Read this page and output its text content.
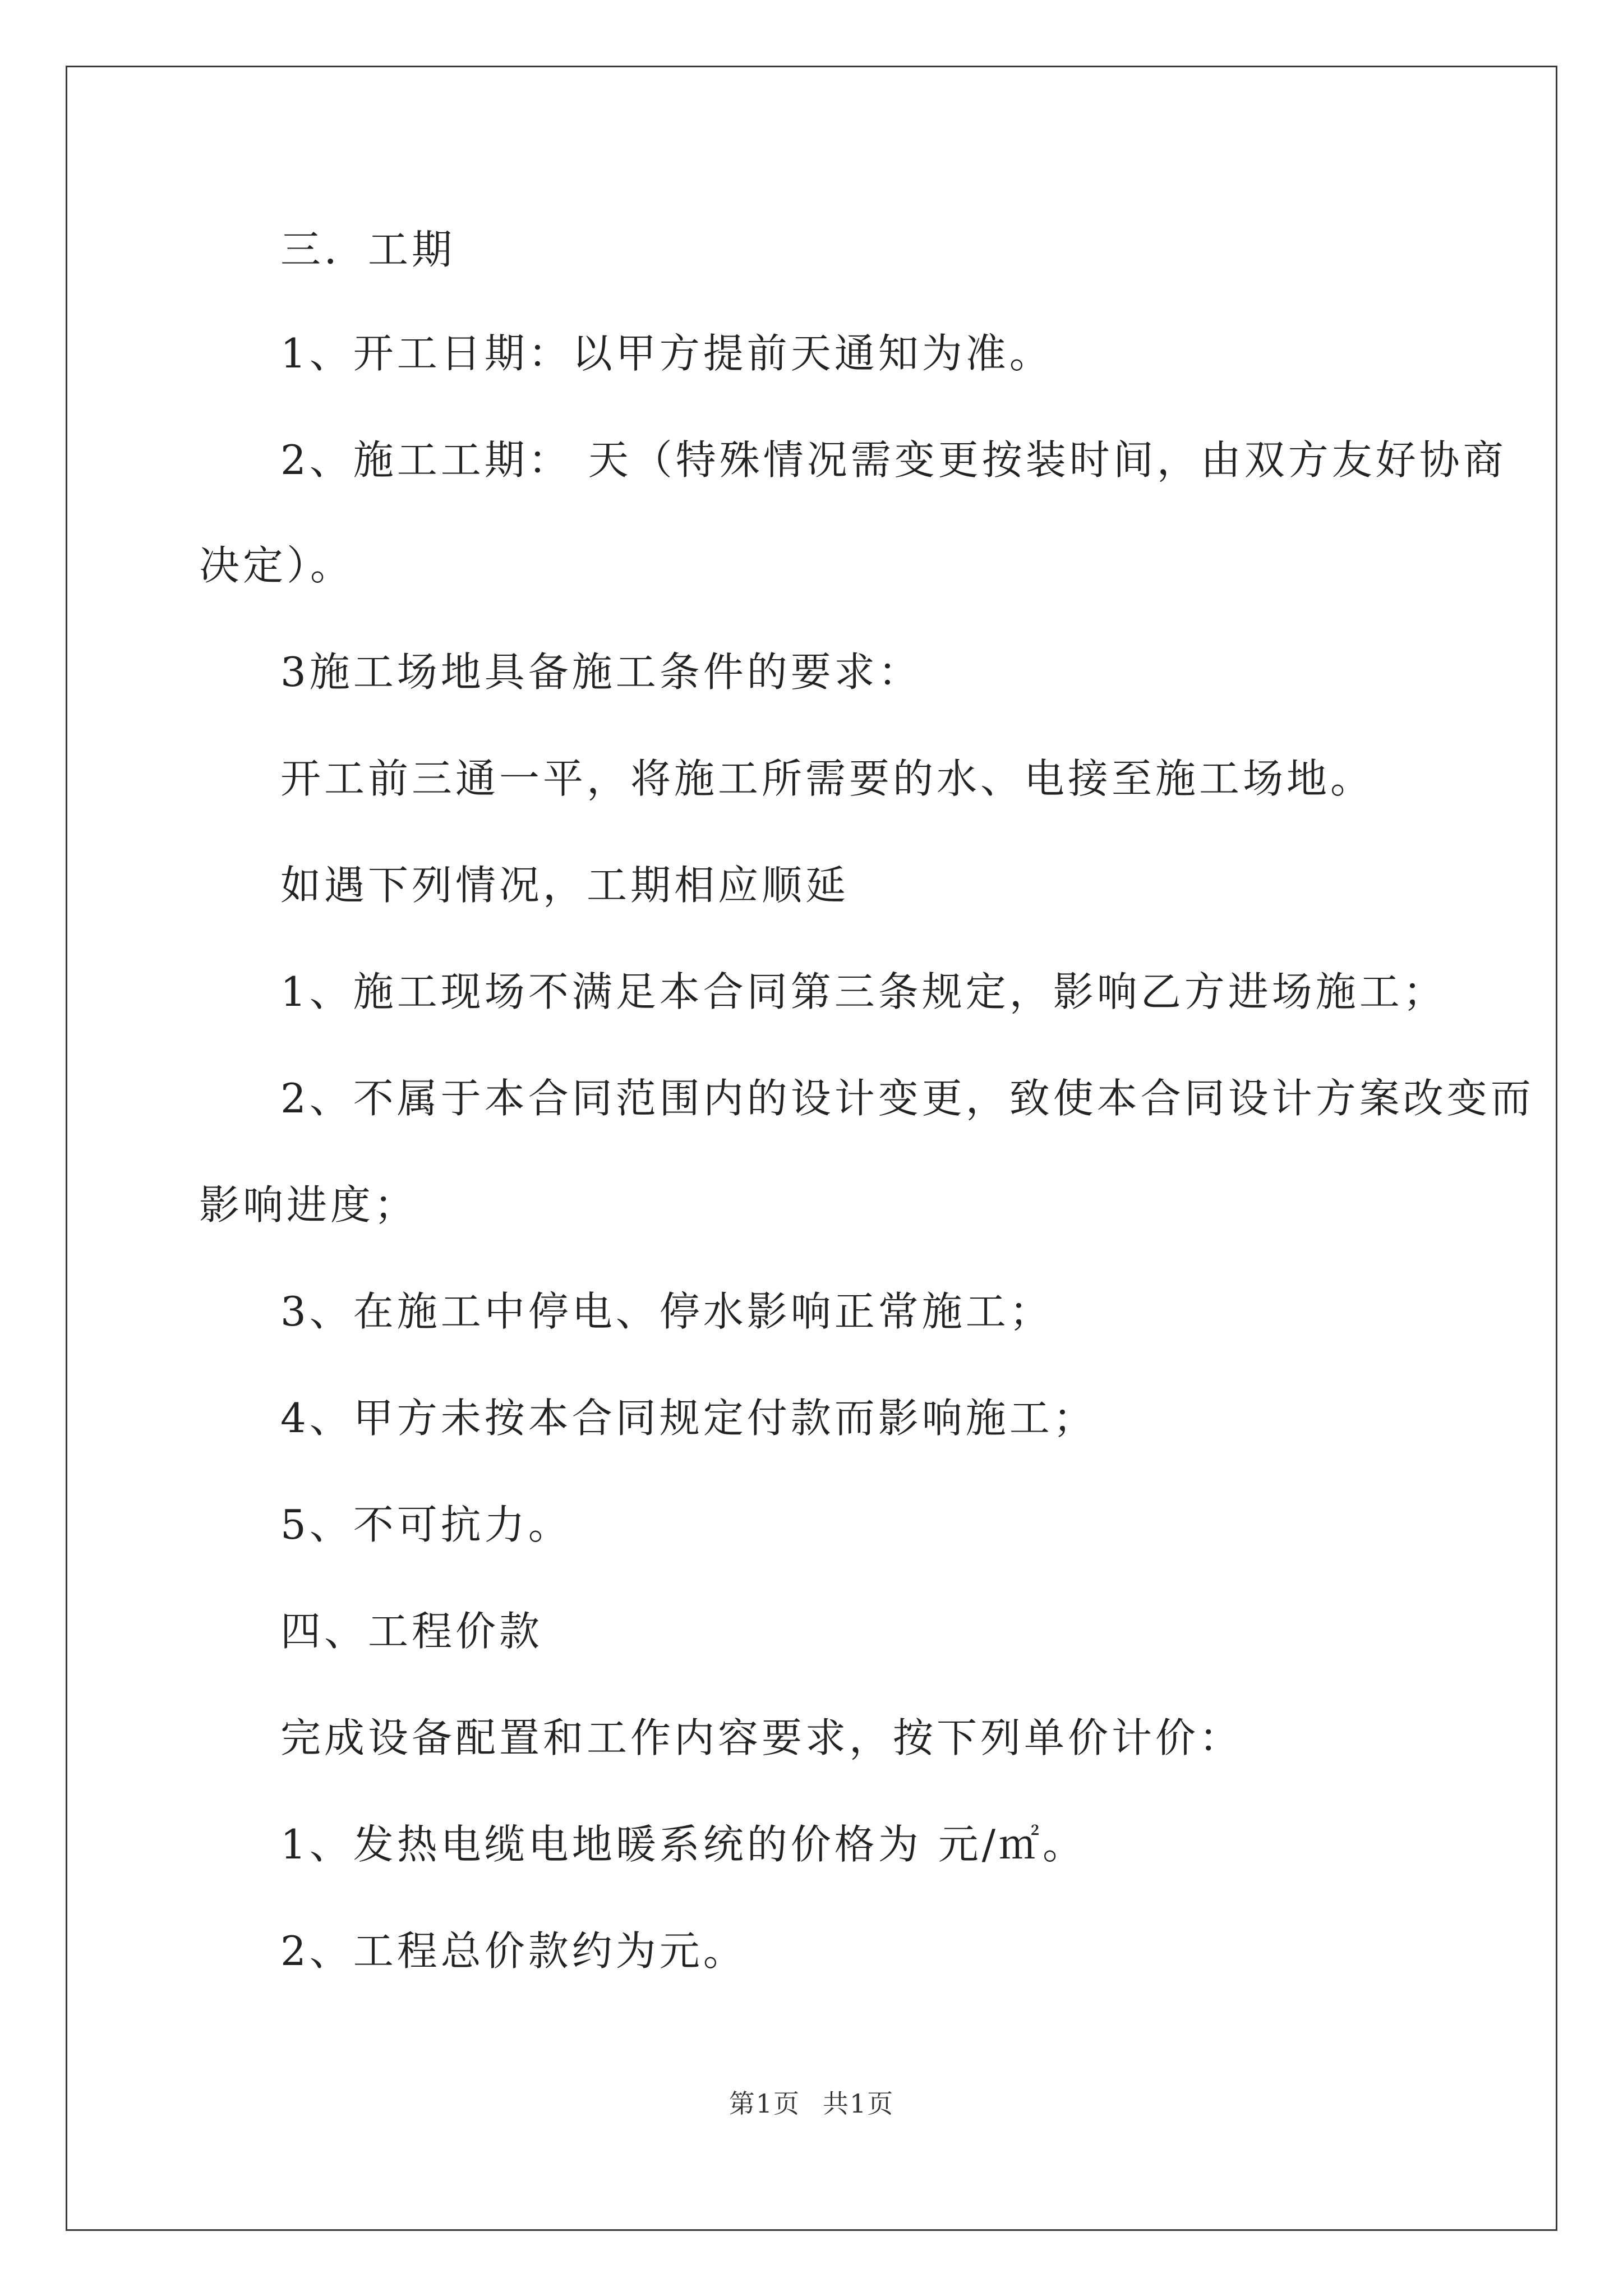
三．工期
1、开工日期：以甲方提前天通知为准。
2、施工工期： 天（特殊情况需变更按装时间，由双方友好协商
决定）。
3施工场地具备施工条件的要求：
开工前三通一平，将施工所需要的水、电接至施工场地。
如遇下列情况，工期相应顺延
1、施工现场不满足本合同第三条规定，影响乙方进场施工；
2、不属于本合同范围内的设计变更，致使本合同设计方案改变而
影响进度；
3、在施工中停电、停水影响正常施工；
4、甲方未按本合同规定付款而影响施工；
5、不可抗力。
四、工程价款
完成设备配置和工作内容要求，按下列单价计价：
1、发热电缆电地暖系统的价格为 元/㎡。
2、工程总价款约为元。
第1页 共1页
